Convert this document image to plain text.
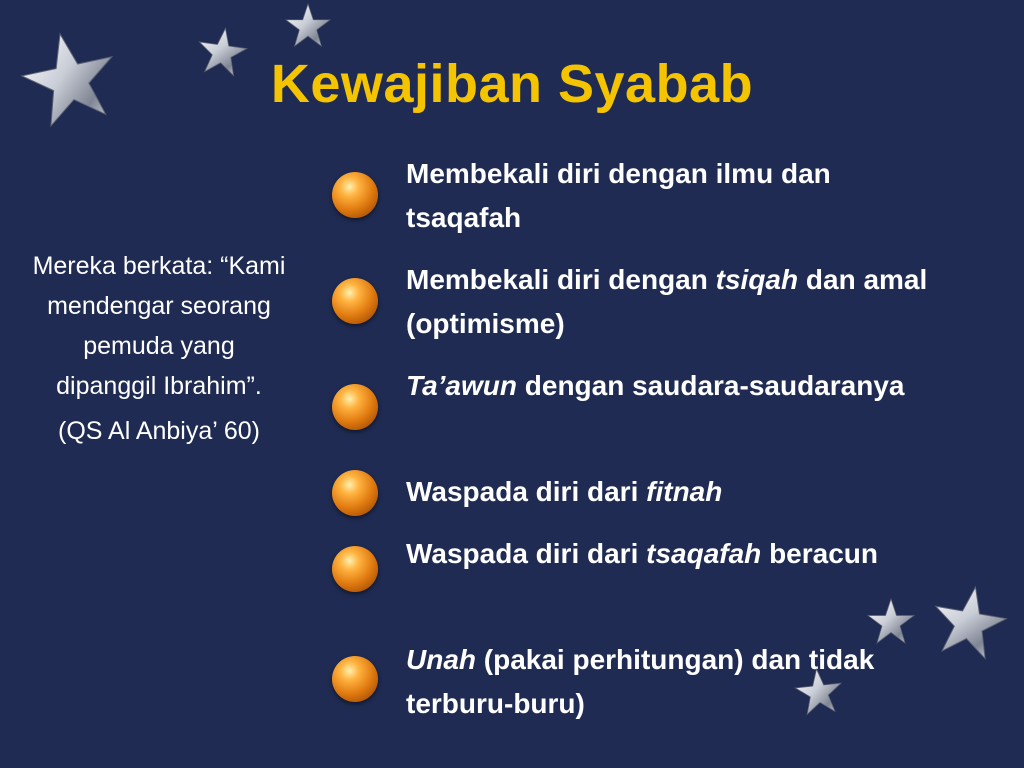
Kewajiban Syabab

Mereka berkata: “Kami mendengar seorang pemuda yang dipanggil Ibrahim”.

(QS Al Anbiya’ 60)

Membekali diri dengan ilmu dan tsaqafah
Membekali diri dengan tsiqah dan amal (optimisme)
Ta’awun dengan saudara-saudaranya
Waspada diri dari fitnah
Waspada diri dari tsaqafah beracun
Unah (pakai perhitungan) dan tidak terburu-buru)
